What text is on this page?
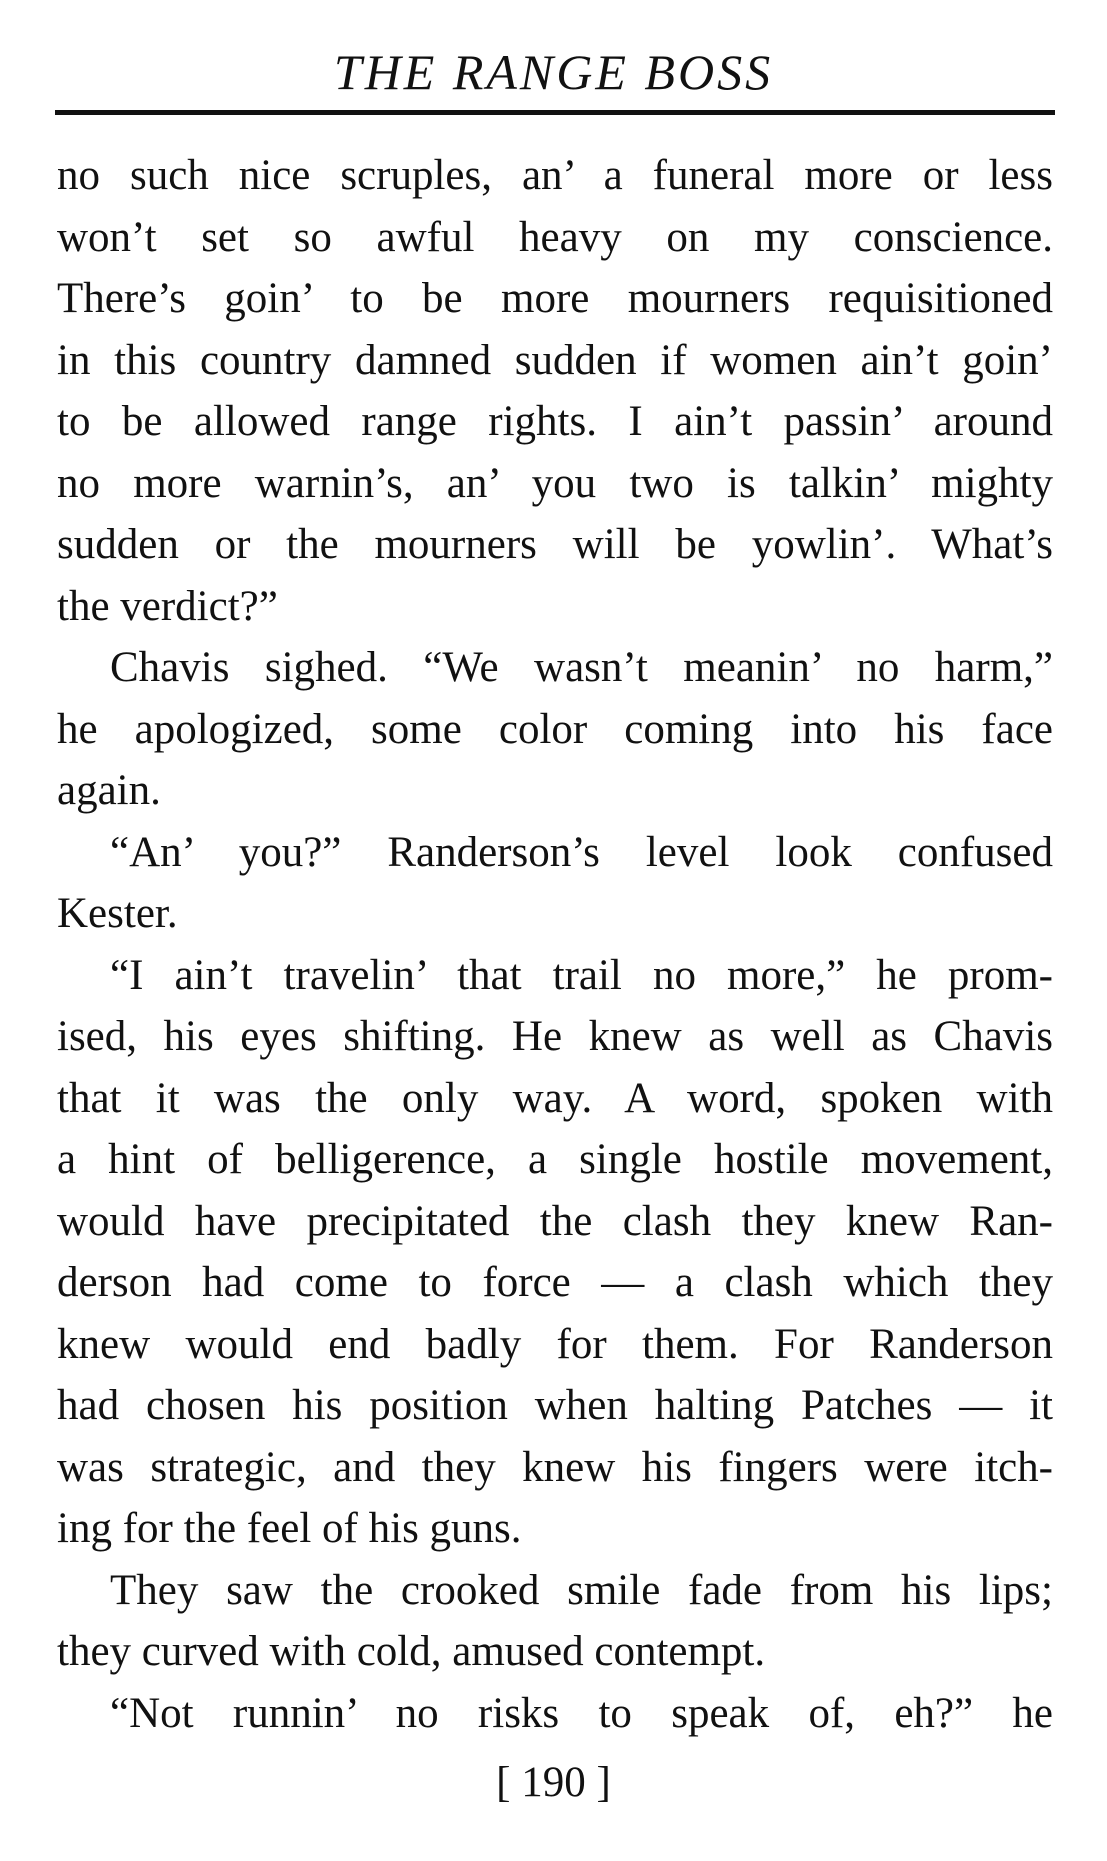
THE RANGE BOSS
no such nice scruples, an’ a funeral more or less
won’t set so awful heavy on my conscience.
There’s goin’ to be more mourners requisitioned
in this country damned sudden if women ain’t goin’
to be allowed range rights. I ain’t passin’ around
no more warnin’s, an’ you two is talkin’ mighty
sudden or the mourners will be yowlin’. What’s
the verdict?”
Chavis sighed. “We wasn’t meanin’ no harm,”
he apologized, some color coming into his face
again.
“An’ you?” Randerson’s level look confused
Kester.
“I ain’t travelin’ that trail no more,” he prom-
ised, his eyes shifting. He knew as well as Chavis
that it was the only way. A word, spoken with
a hint of belligerence, a single hostile movement,
would have precipitated the clash they knew Ran-
derson had come to force — a clash which they
knew would end badly for them. For Randerson
had chosen his position when halting Patches — it
was strategic, and they knew his fingers were itch-
ing for the feel of his guns.
They saw the crooked smile fade from his lips;
they curved with cold, amused contempt.
“Not runnin’ no risks to speak of, eh?” he
[ 190 ]
